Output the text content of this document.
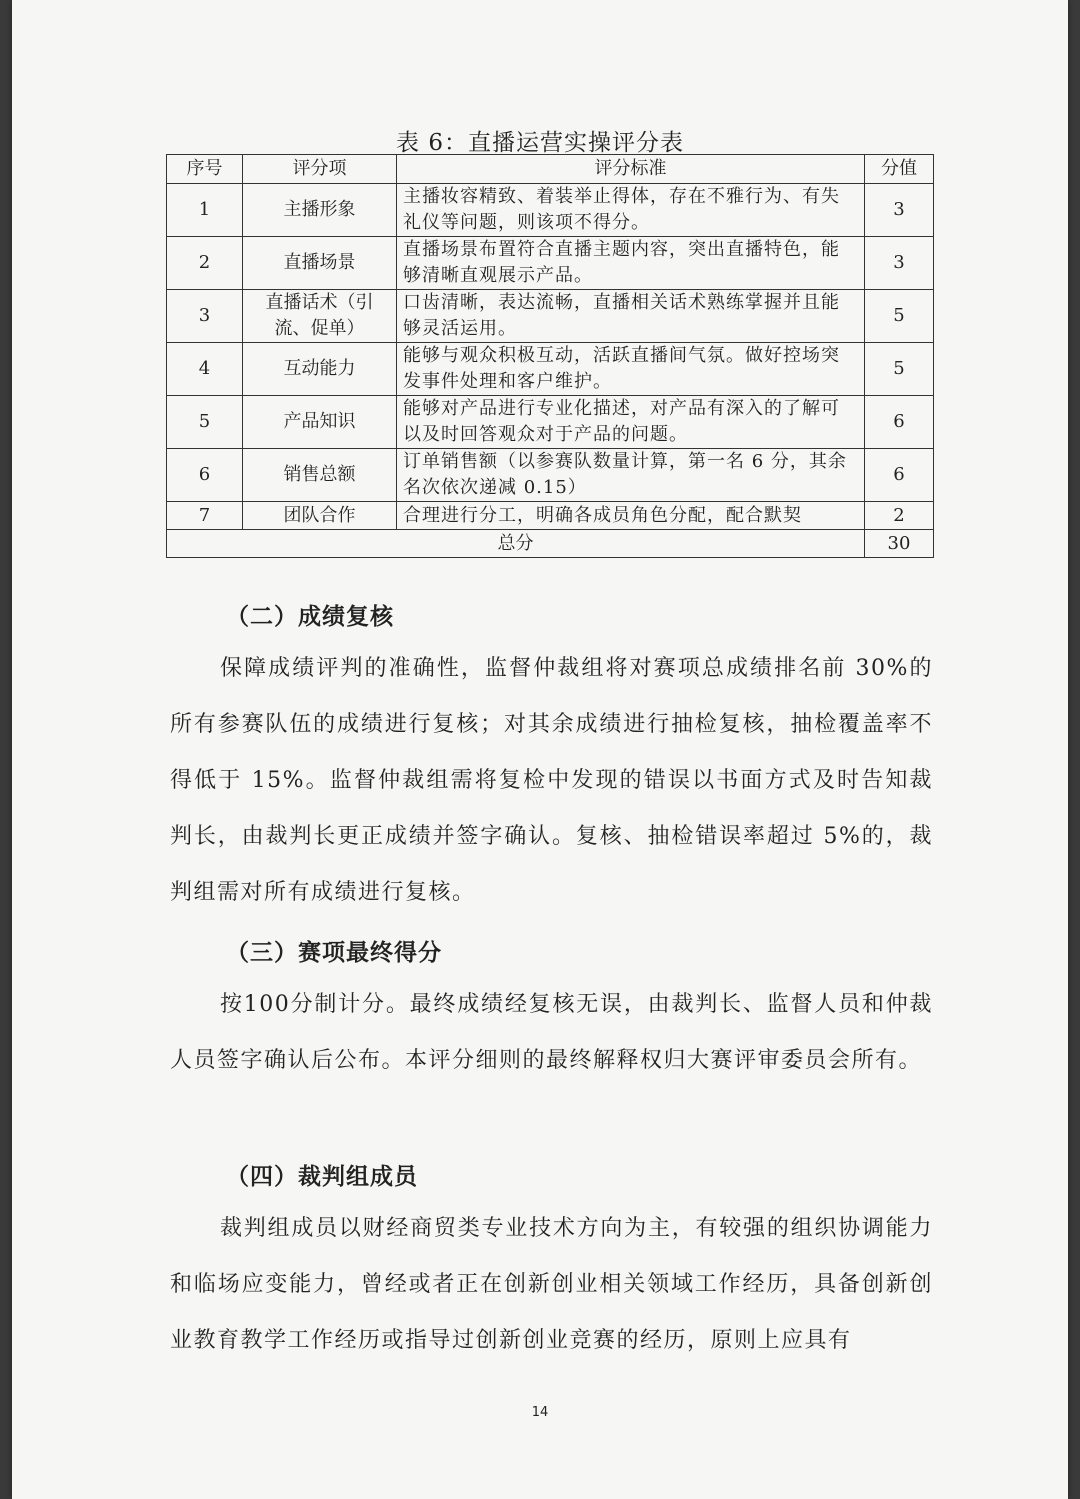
表 6：直播运营实操评分表
序号	评分项	评分标准	分值
1	主播形象	主播妆容精致、着装举止得体，存在不雅行为、有失礼仪等问题，则该项不得分。	3
2	直播场景	直播场景布置符合直播主题内容，突出直播特色，能够清晰直观展示产品。	3
3	直播话术（引流、促单）	口齿清晰，表达流畅，直播相关话术熟练掌握并且能够灵活运用。	5
4	互动能力	能够与观众积极互动，活跃直播间气氛。做好控场突发事件处理和客户维护。	5
5	产品知识	能够对产品进行专业化描述，对产品有深入的了解可以及时回答观众对于产品的问题。	6
6	销售总额	订单销售额（以参赛队数量计算，第一名 6 分，其余名次依次递减 0.15）	6
7	团队合作	合理进行分工，明确各成员角色分配，配合默契	2
总分			30
（二）成绩复核
保障成绩评判的准确性，监督仲裁组将对赛项总成绩排名前 30%的所有参赛队伍的成绩进行复核；对其余成绩进行抽检复核，抽检覆盖率不得低于 15%。监督仲裁组需将复检中发现的错误以书面方式及时告知裁判长，由裁判长更正成绩并签字确认。复核、抽检错误率超过 5%的，裁判组需对所有成绩进行复核。
（三）赛项最终得分
按100分制计分。最终成绩经复核无误，由裁判长、监督人员和仲裁人员签字确认后公布。本评分细则的最终解释权归大赛评审委员会所有。
（四）裁判组成员
裁判组成员以财经商贸类专业技术方向为主，有较强的组织协调能力和临场应变能力，曾经或者正在创新创业相关领域工作经历，具备创新创业教育教学工作经历或指导过创新创业竞赛的经历，原则上应具有
14
